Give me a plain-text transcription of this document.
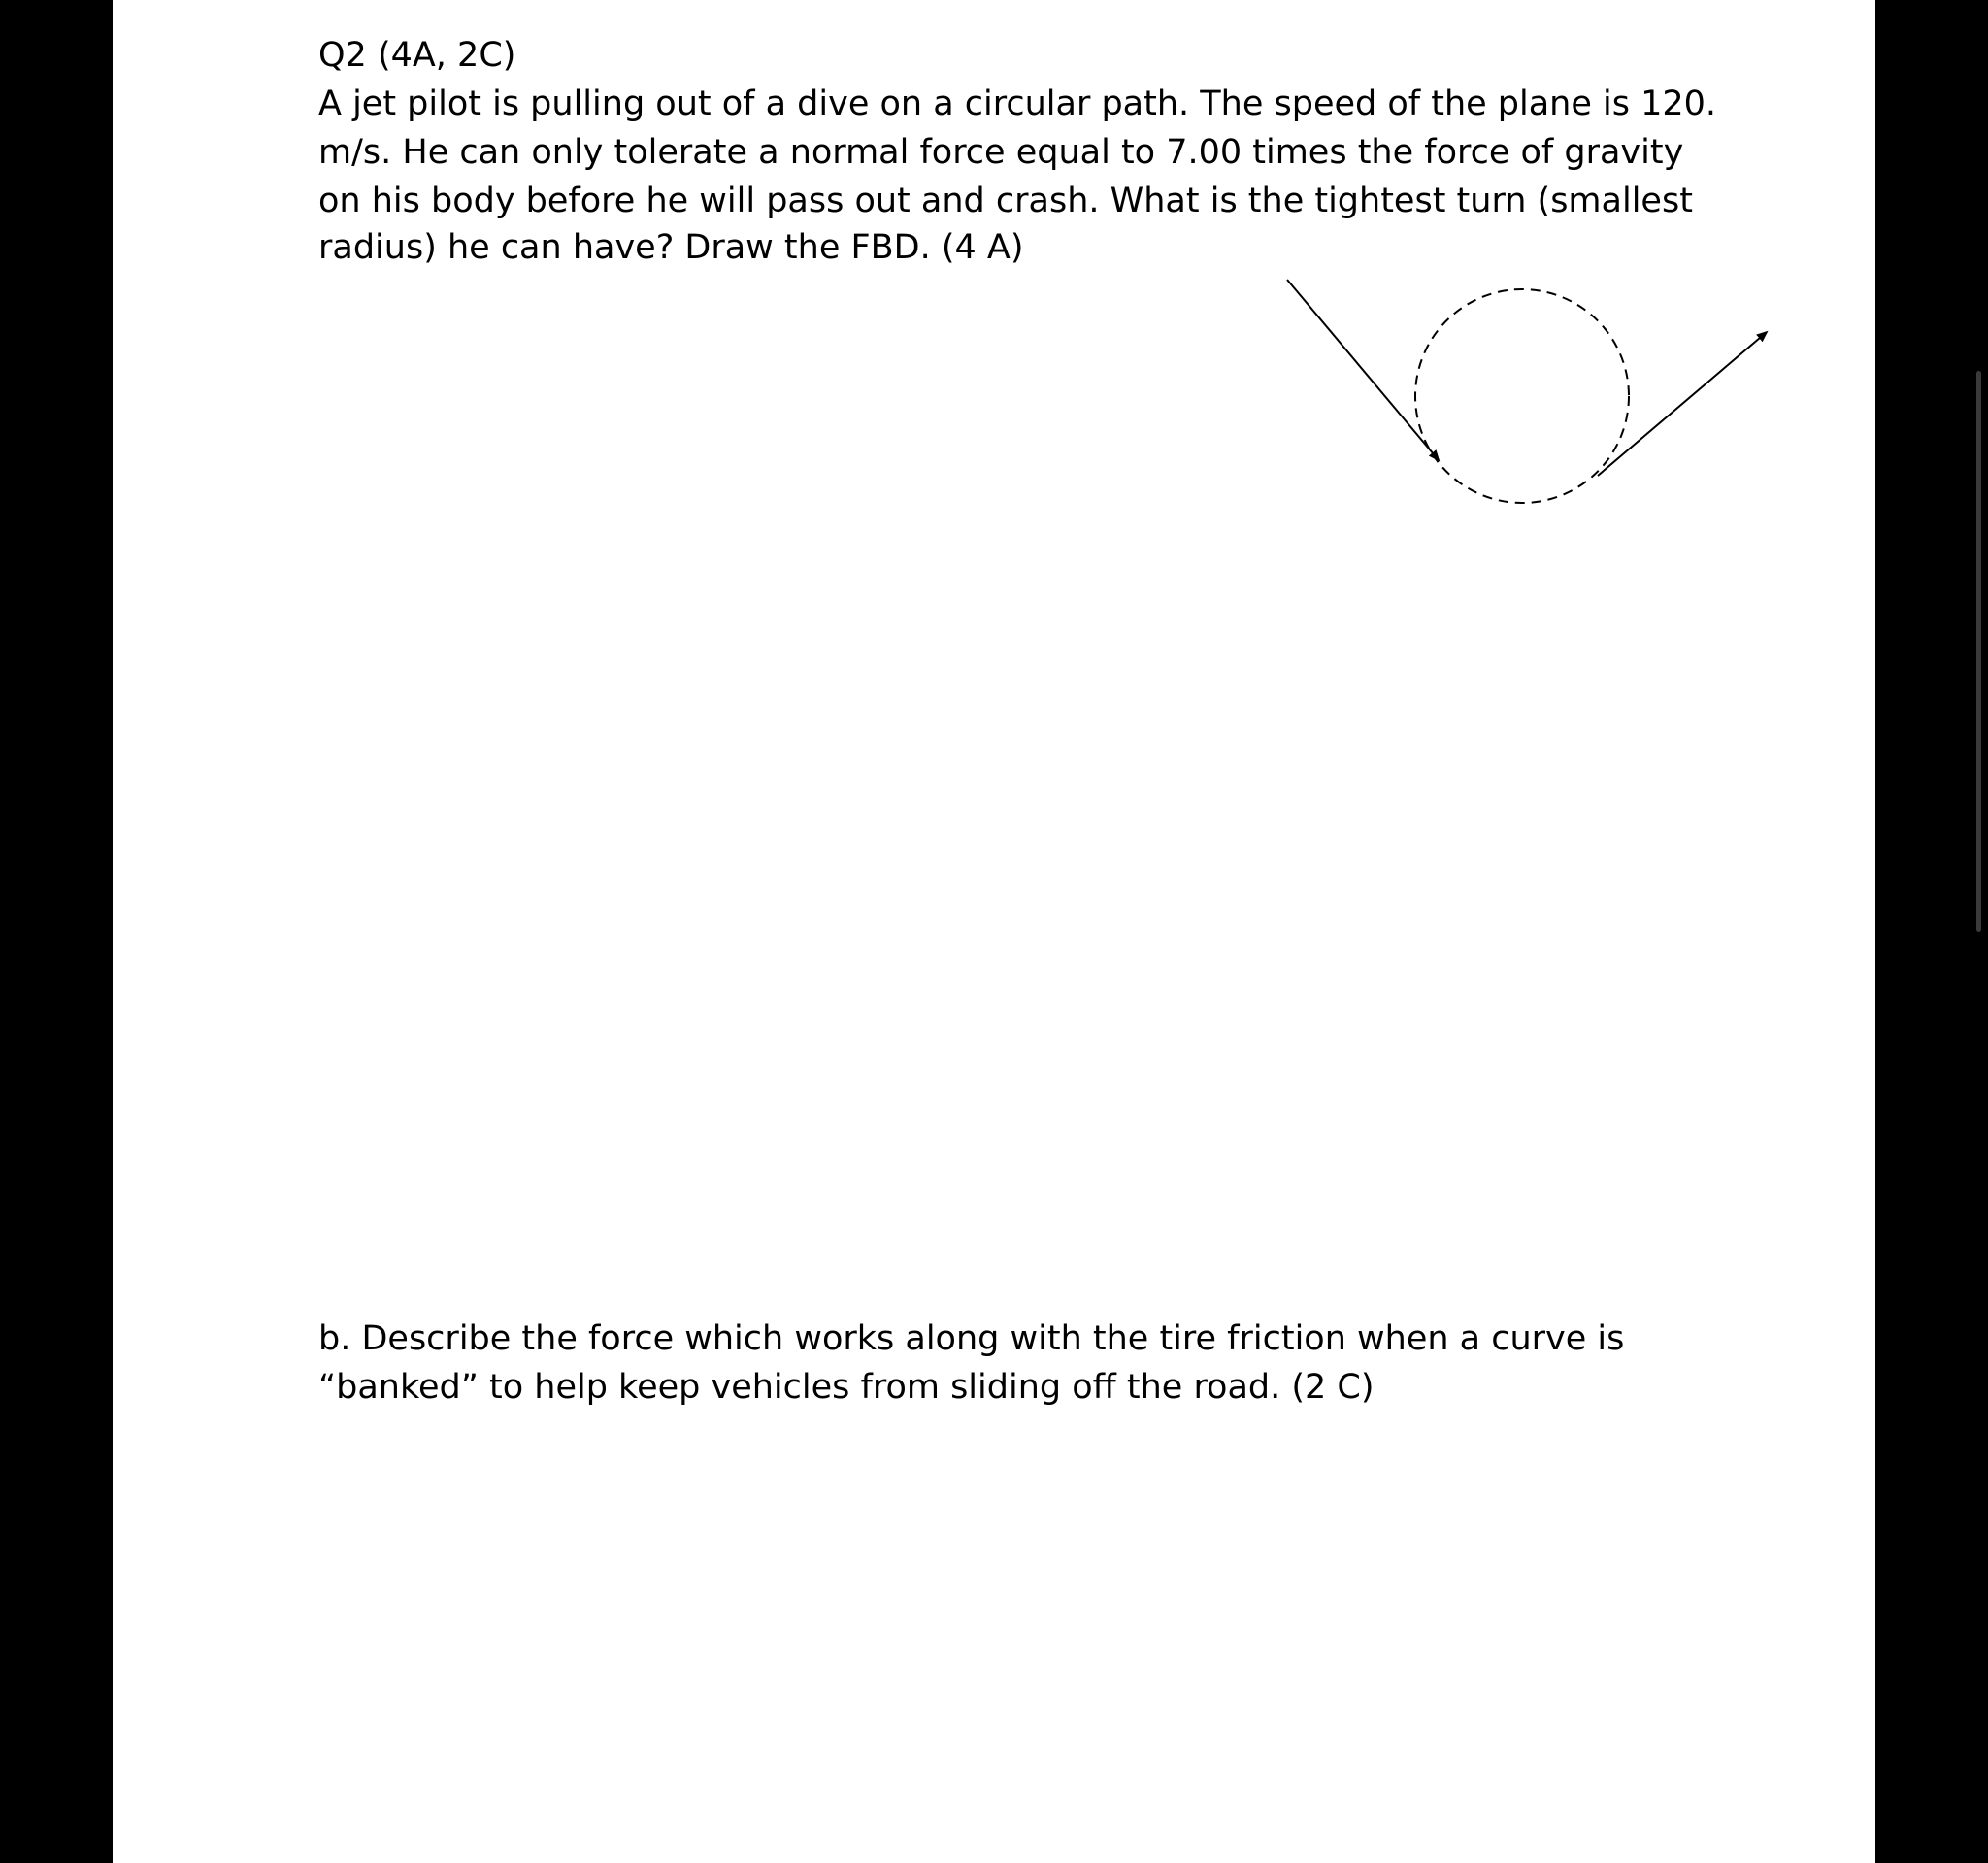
Q2 (4A, 2C)

A jet pilot is pulling out of a dive on a circular path. The speed of the plane is 120.

m/s. He can only tolerate a normal force equal to 7.00 times the force of gravity

on his body before he will pass out and crash. What is the tightest turn (smallest

radius) he can have? Draw the FBD. (4 A)

b. Describe the force which works along with the tire friction when a curve is

“banked” to help keep vehicles from sliding off the road. (2 C)
